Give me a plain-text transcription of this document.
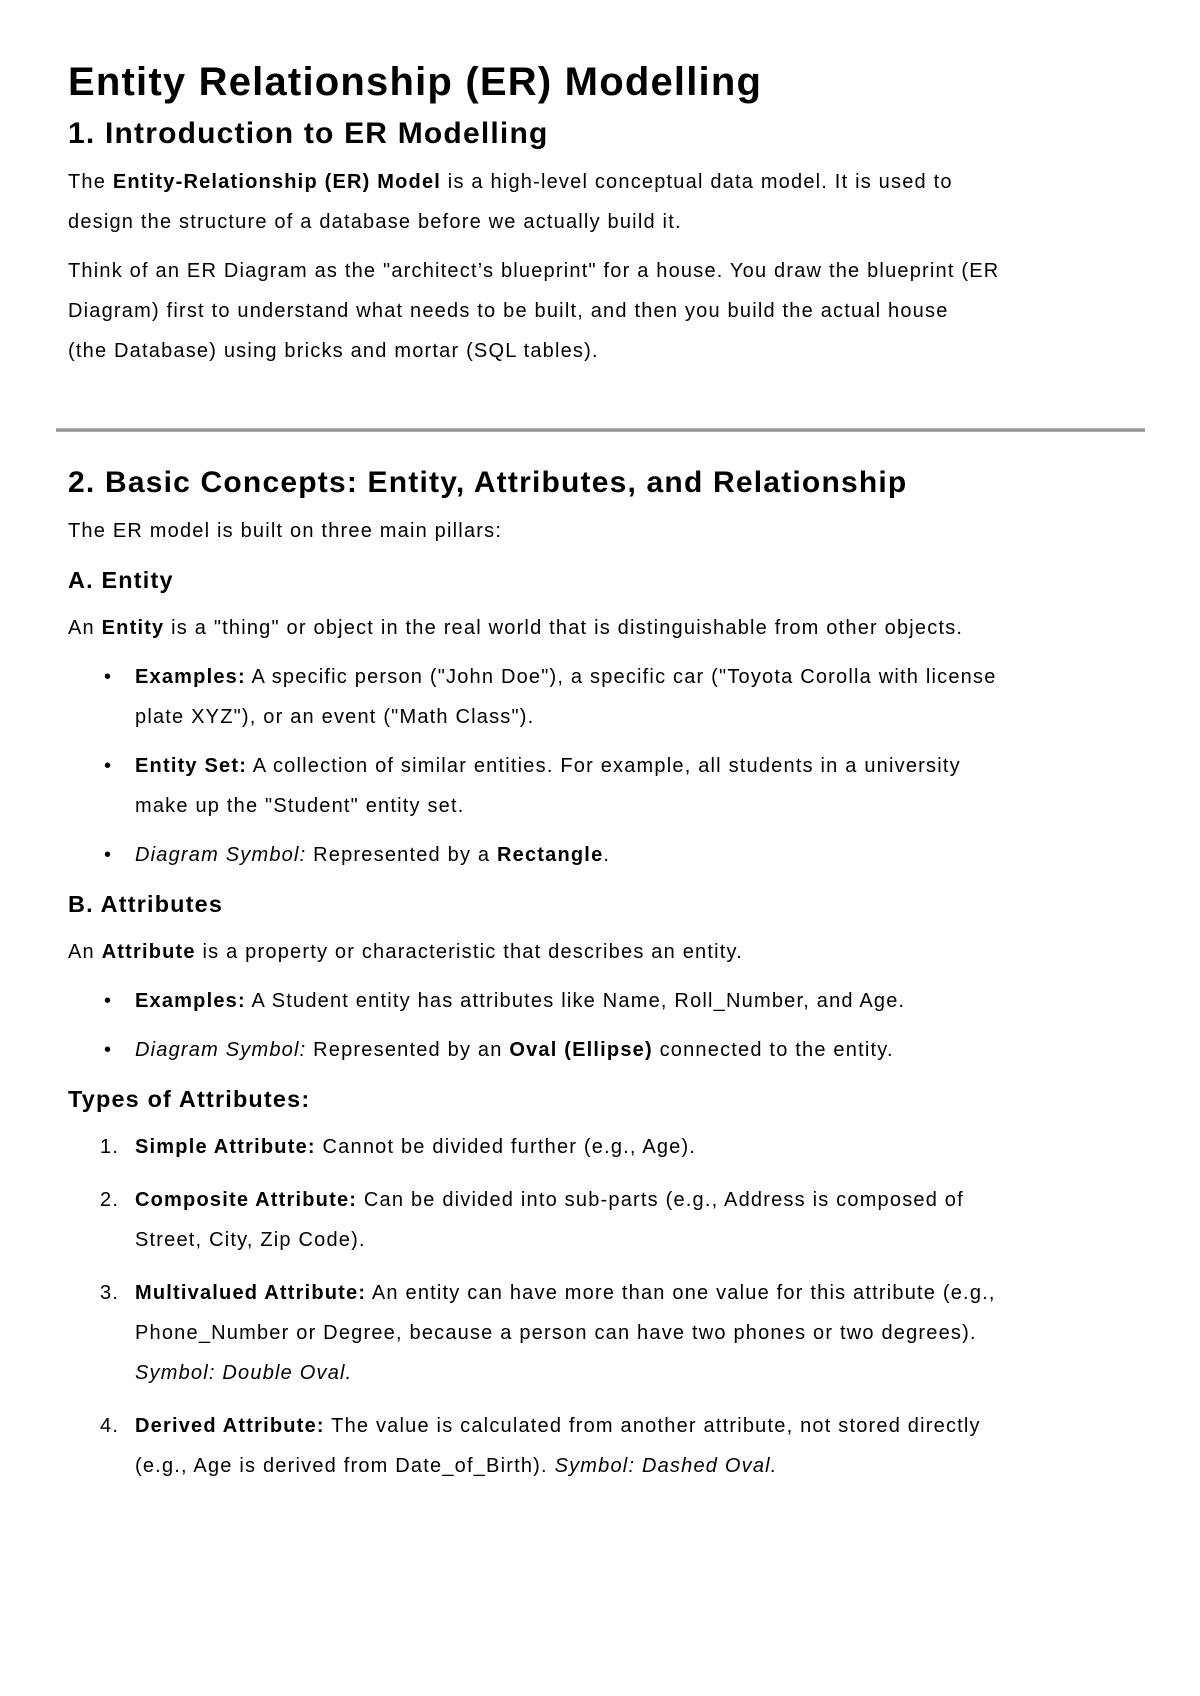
Entity Relationship (ER) Modelling
1. Introduction to ER Modelling

The Entity-Relationship (ER) Model is a high-level conceptual data model. It is used to
design the structure of a database before we actually build it.

Think of an ER Diagram as the "architect’s blueprint" for a house. You draw the blueprint (ER
Diagram) first to understand what needs to be built, and then you build the actual house
(the Database) using bricks and mortar (SQL tables).

2. Basic Concepts: Entity, Attributes, and Relationship

The ER model is built on three main pillars:

A. Entity

An Entity is a "thing" or object in the real world that is distinguishable from other objects.

• Examples: A specific person ("John Doe"), a specific car ("Toyota Corolla with license
plate XYZ"), or an event ("Math Class").
• Entity Set: A collection of similar entities. For example, all students in a university
make up the "Student" entity set.
• Diagram Symbol: Represented by a Rectangle.
B. Attributes

An Attribute is a property or characteristic that describes an entity.

• Examples: A Student entity has attributes like Name, Roll_Number, and Age.
• Diagram Symbol: Represented by an Oval (Ellipse) connected to the entity.
Types of Attributes:
1. Simple Attribute: Cannot be divided further (e.g., Age).
2. Composite Attribute: Can be divided into sub-parts (e.g., Address is composed of
Street, City, Zip Code).
3. Multivalued Attribute: An entity can have more than one value for this attribute (e.g.,
Phone_Number or Degree, because a person can have two phones or two degrees).
Symbol: Double Oval.
4. Derived Attribute: The value is calculated from another attribute, not stored directly
(e.g., Age is derived from Date_of_Birth). Symbol: Dashed Oval.
